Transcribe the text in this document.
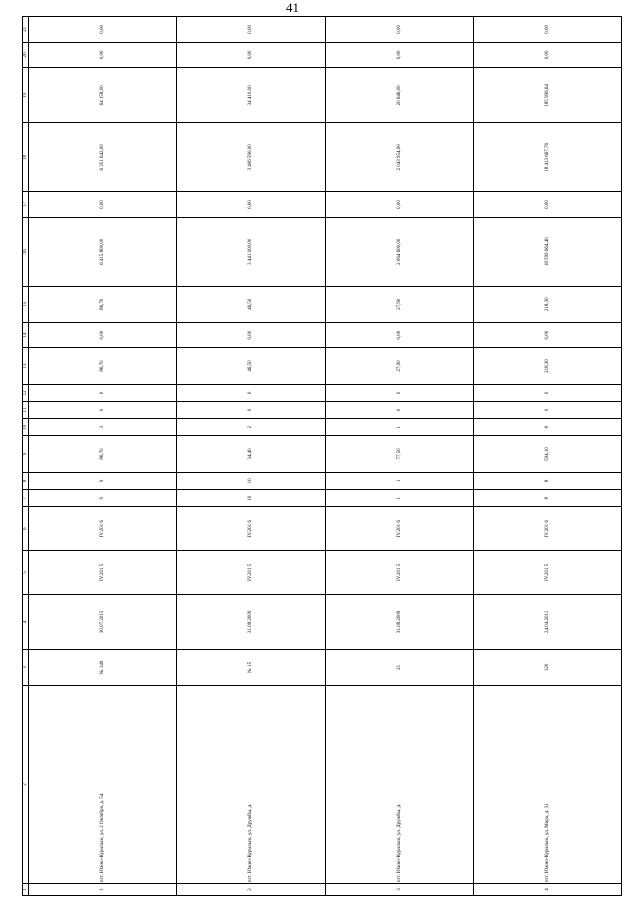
41
1	2	3	4	5	6	7	8	9	10	11	12	13	14	15	16	17	18	19	20	21
1	пгт. Южно-Курильск, ул. 2 Октября, д. 54	№ 149	30.07.2015	IV.201 5	IV.201 6	9	9	86,70	3	0	0	86,70	0,00	86,70	6 415 800,00	0,00	6 351 642,00	64 158,00	0,00	0,00
2	пгт. Южно-Курильск, ул. Дружбы, д.	№ 15	31.08.2009	IV.201 5	IV.201 6	10	10	34,40	2	0	0	46,50	0,00	46,50	3 441 000,00	0,00	3 406 590,00	34 410,00	0,00	0,00
3	пгт. Южно-Курильск, ул. Дружбы, д.	21	31.08.2009	IV.201 5	IV.201 6	1	1	77,50	1	0	0	27,90	0,00	27,90	2 064 600,00	0,00	2 043 954,00	20 646,00	0,00	0,00
4	пгт. Южно-Курильск, ул. Мира, д. 31	120	24.04.2011	IV.201 5	IV.201 6	8	8	594,10	8	0	0	218,30	0,00	218,30	18 599 664,40	0,00	18 413 667,76	185 996,64	0,00	0,00
